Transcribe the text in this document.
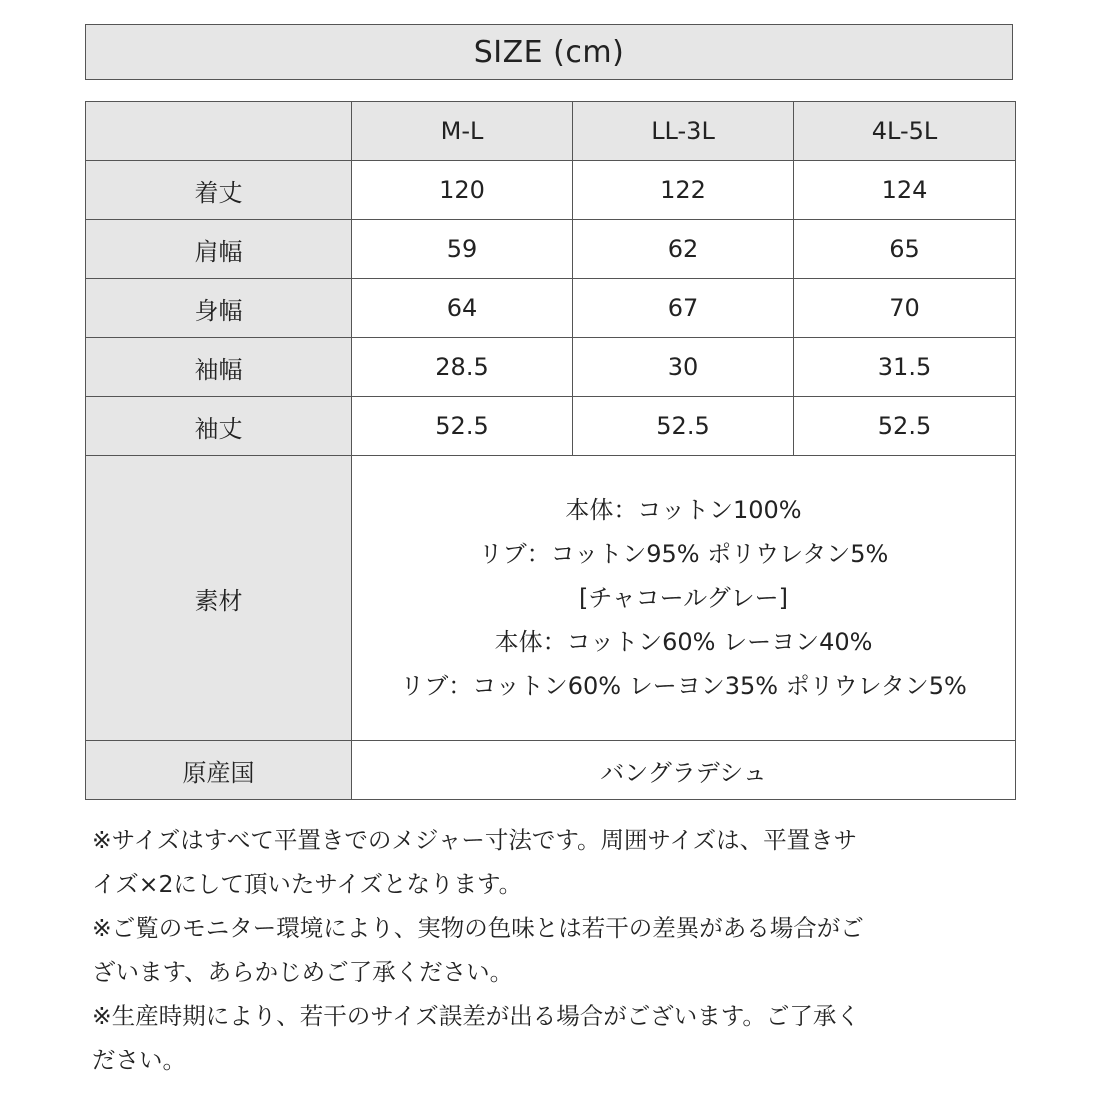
SIZE (cm)
	M-L	LL-3L	4L-5L
着丈	120	122	124
肩幅	59	62	65
身幅	64	67	70
袖幅	28.5	30	31.5
袖丈	52.5	52.5	52.5
素材	本体：コットン100%
リブ：コットン95% ポリウレタン5%
[チャコールグレー]
本体：コットン60% レーヨン40%
リブ：コットン60% レーヨン35% ポリウレタン5%		

原産国	バングラデシュ		
※サイズはすべて平置きでのメジャー寸法です。周囲サイズは、平置きサ
イズ×2にして頂いたサイズとなります。
※ご覧のモニター環境により、実物の色味とは若干の差異がある場合がご
ざいます、あらかじめご了承ください。
※生産時期により、若干のサイズ誤差が出る場合がございます。ご了承く
ださい。
